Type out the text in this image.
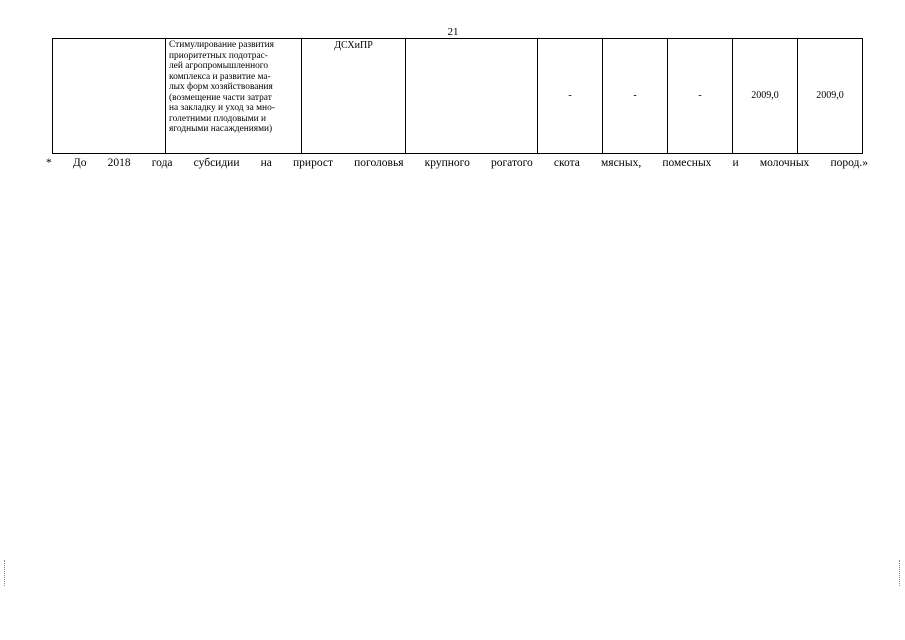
21
	Стимулирование развития
приоритетных подотрас-
лей агропромышленного
комплекса и развитие ма-
лых форм хозяйствования
(возмещение части затрат
на закладку и уход за мно-
голетними плодовыми и
ягодными насаждениями)	ДСХиПР		-	-	-	2009,0	2009,0
* До 2018 года субсидии на прирост поголовья крупного рогатого скота мясных, помесных и молочных пород.»
